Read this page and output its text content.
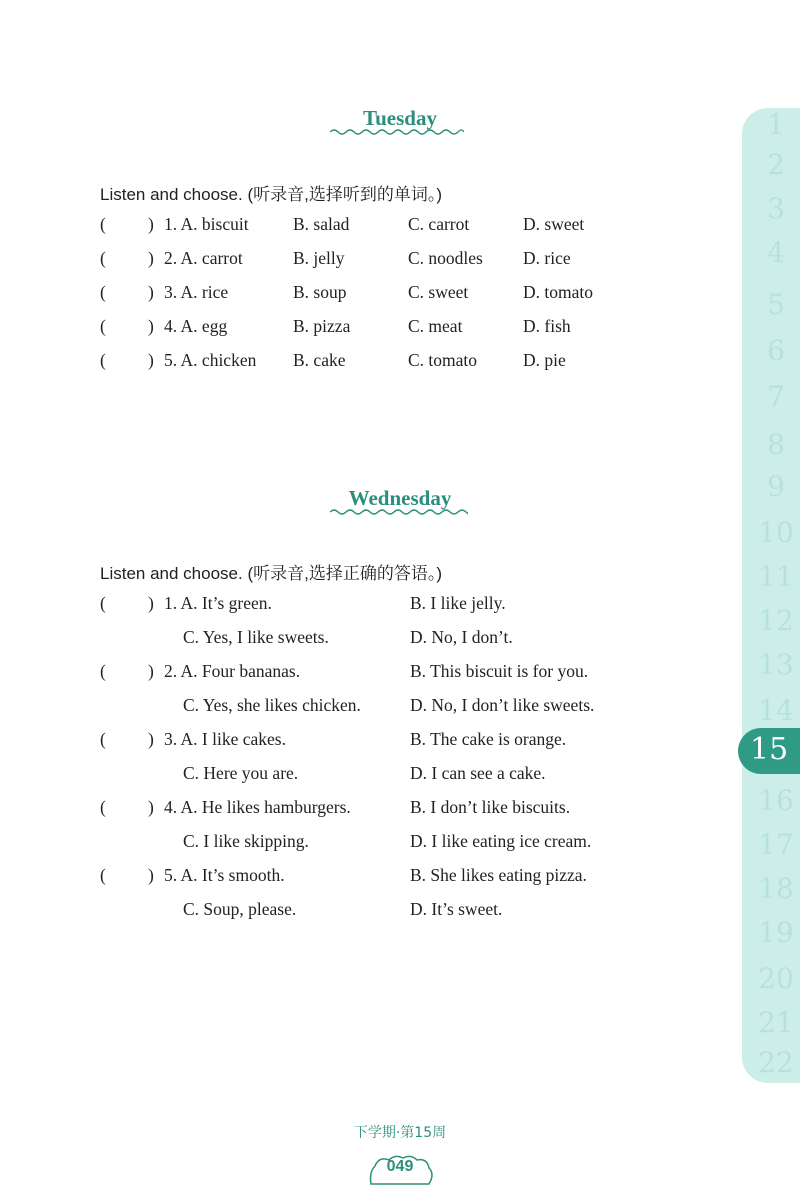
1
2
3
4
5
6
7
8
9
10
11
12
13
14
16
17
18
19
20
21
22
15
Tuesday
Listen and choose. (听录音,选择听到的单词。)
( ) 1. A. biscuit	B. salad	C. carrot	D. sweet
( ) 2. A. carrot	B. jelly	C. noodles D. rice
( ) 3. A. rice	B. soup	C. sweet	D. tomato
( ) 4. A. egg	B. pizza	C. meat	D. fish
( ) 5. A. chicken B. cake	C. tomato	D. pie
Wednesday
Listen and choose. (听录音,选择正确的答语。)
( ) 1. A. It’s green.	B. I like jelly.
C. Yes, I like sweets.	D. No, I don’t.
( ) 2. A. Four bananas.	B. This biscuit is for you.
C. Yes, she likes chicken.	D. No, I don’t like sweets.
( ) 3. A. I like cakes.	B. The cake is orange.
C. Here you are.	D. I can see a cake.
( ) 4. A. He likes hamburgers.	B. I don’t like biscuits.
C. I like skipping.	D. I like eating ice cream.
( ) 5. A. It’s smooth.	B. She likes eating pizza.
C. Soup, please.	D. It’s sweet.
下学期·第15周
049
